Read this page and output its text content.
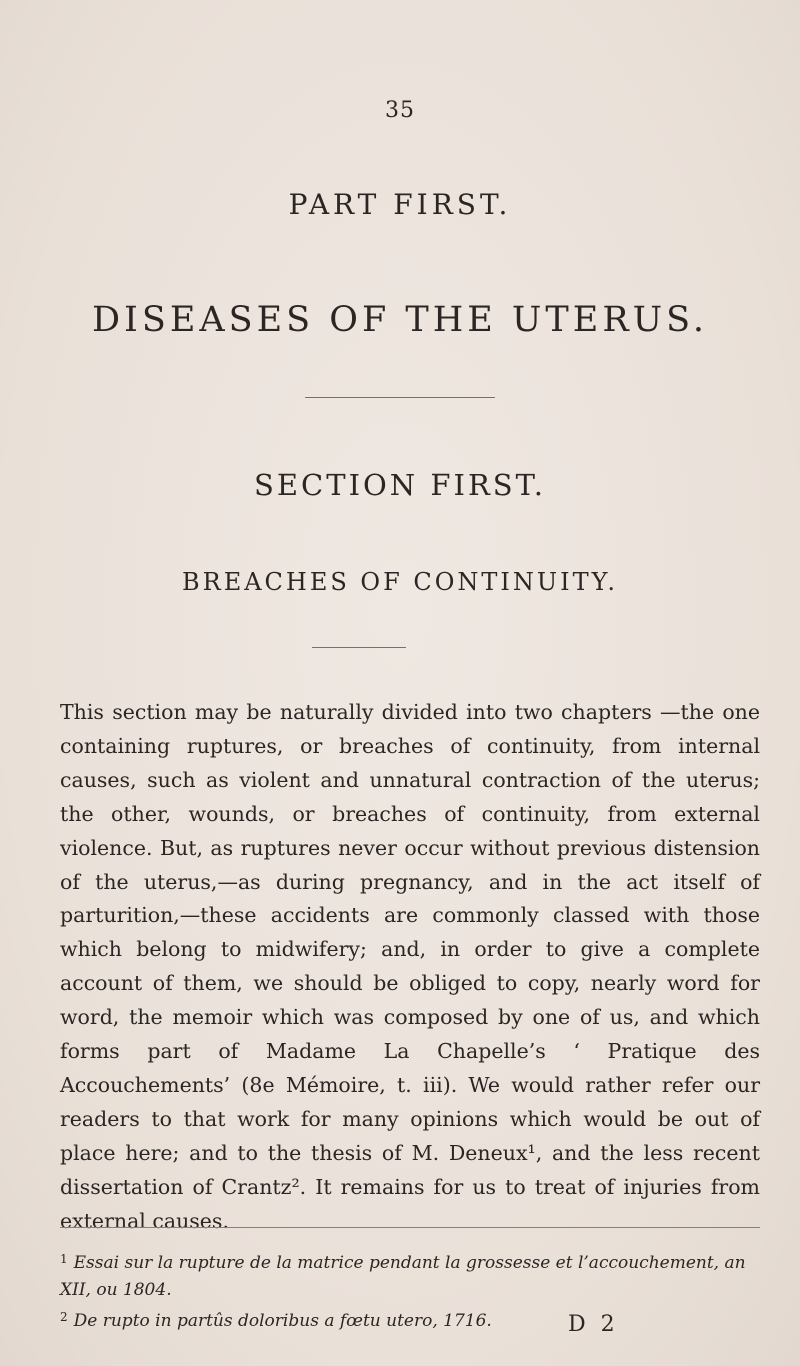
35
PART FIRST.
DISEASES OF THE UTERUS.
SECTION FIRST.
BREACHES OF CONTINUITY.

This section may be naturally divided into two chapters —the one containing ruptures, or breaches of continuity, from internal causes, such as violent and unnatural contraction of the uterus; the other, wounds, or breaches of continuity, from external violence. But, as ruptures never occur without previous distension of the uterus,—as during pregnancy, and in the act itself of parturition,—these accidents are commonly classed with those which belong to midwifery; and, in order to give a complete account of them, we should be obliged to copy, nearly word for word, the memoir which was composed by one of us, and which forms part of Madame La Chapelle’s ‘ Pratique des Accouchements’ (8e Mémoire, t. iii). We would rather refer our readers to that work for many opinions which would be out of place here; and to the thesis of M. Deneux¹, and the less recent dissertation of Crantz². It remains for us to treat of injuries from external causes.

$^1$ Essai sur la rupture de la matrice pendant la grossesse et l’accouchement, an XII, ou 1804.

$^2$ De rupto in partûs doloribus a fœtu utero, 1716.	D 2
